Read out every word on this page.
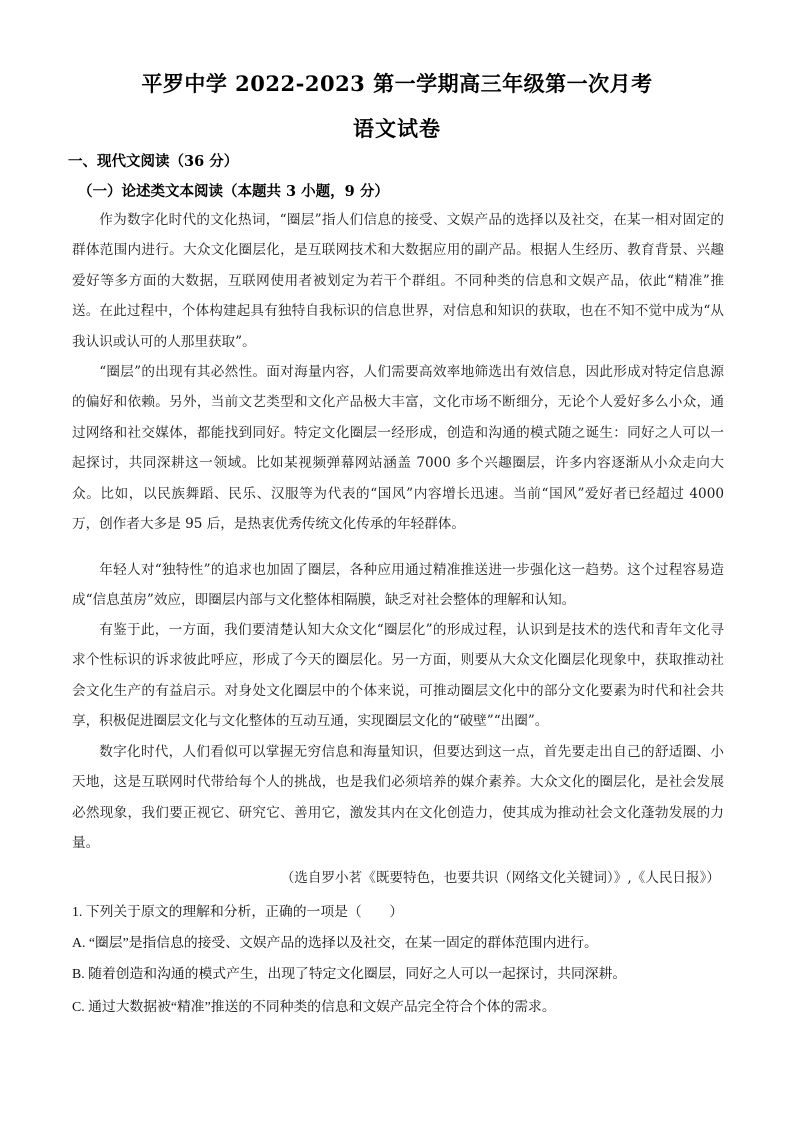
平罗中学 2022-2023 第一学期高三年级第一次月考
语文试卷
一、现代文阅读（36 分）
（一）论述类文本阅读（本题共 3 小题，9 分）
作为数字化时代的文化热词，“圈层”指人们信息的接受、文娱产品的选择以及社交，在某一相对固定的群体范围内进行。大众文化圈层化，是互联网技术和大数据应用的副产品。根据人生经历、教育背景、兴趣爱好等多方面的大数据，互联网使用者被划定为若干个群组。不同种类的信息和文娱产品，依此“精准”推送。在此过程中，个体构建起具有独特自我标识的信息世界，对信息和知识的获取，也在不知不觉中成为“从我认识或认可的人那里获取”。
“圈层”的出现有其必然性。面对海量内容，人们需要高效率地筛选出有效信息，因此形成对特定信息源的偏好和依赖。另外，当前文艺类型和文化产品极大丰富，文化市场不断细分，无论个人爱好多么小众，通过网络和社交媒体，都能找到同好。特定文化圈层一经形成，创造和沟通的模式随之诞生：同好之人可以一起探讨，共同深耕这一领域。比如某视频弹幕网站涵盖 7000 多个兴趣圈层，许多内容逐渐从小众走向大众。比如，以民族舞蹈、民乐、汉服等为代表的“国风”内容增长迅速。当前“国风”爱好者已经超过 4000 万，创作者大多是 95 后，是热衷优秀传统文化传承的年轻群体。
年轻人对“独特性”的追求也加固了圈层，各种应用通过精准推送进一步强化这一趋势。这个过程容易造成“信息茧房”效应，即圈层内部与文化整体相隔膜，缺乏对社会整体的理解和认知。
有鉴于此，一方面，我们要清楚认知大众文化“圈层化”的形成过程，认识到是技术的迭代和青年文化寻求个性标识的诉求彼此呼应，形成了今天的圈层化。另一方面，则要从大众文化圈层化现象中，获取推动社会文化生产的有益启示。对身处文化圈层中的个体来说，可推动圈层文化中的部分文化要素为时代和社会共享，积极促进圈层文化与文化整体的互动互通，实现圈层文化的“破壁”“出圈”。
数字化时代，人们看似可以掌握无穷信息和海量知识，但要达到这一点，首先要走出自己的舒适圈、小天地，这是互联网时代带给每个人的挑战，也是我们必须培养的媒介素养。大众文化的圈层化，是社会发展必然现象，我们要正视它、研究它、善用它，激发其内在文化创造力，使其成为推动社会文化蓬勃发展的力量。
（选自罗小茗《既要特色，也要共识（网络文化关键词）》,《人民日报》）
1. 下列关于原文的理解和分析，正确的一项是（　　）
A. “圈层”是指信息的接受、文娱产品的选择以及社交，在某一固定的群体范围内进行。
B. 随着创造和沟通的模式产生，出现了特定文化圈层，同好之人可以一起探讨，共同深耕。
C. 通过大数据被“精准”推送的不同种类的信息和文娱产品完全符合个体的需求。
